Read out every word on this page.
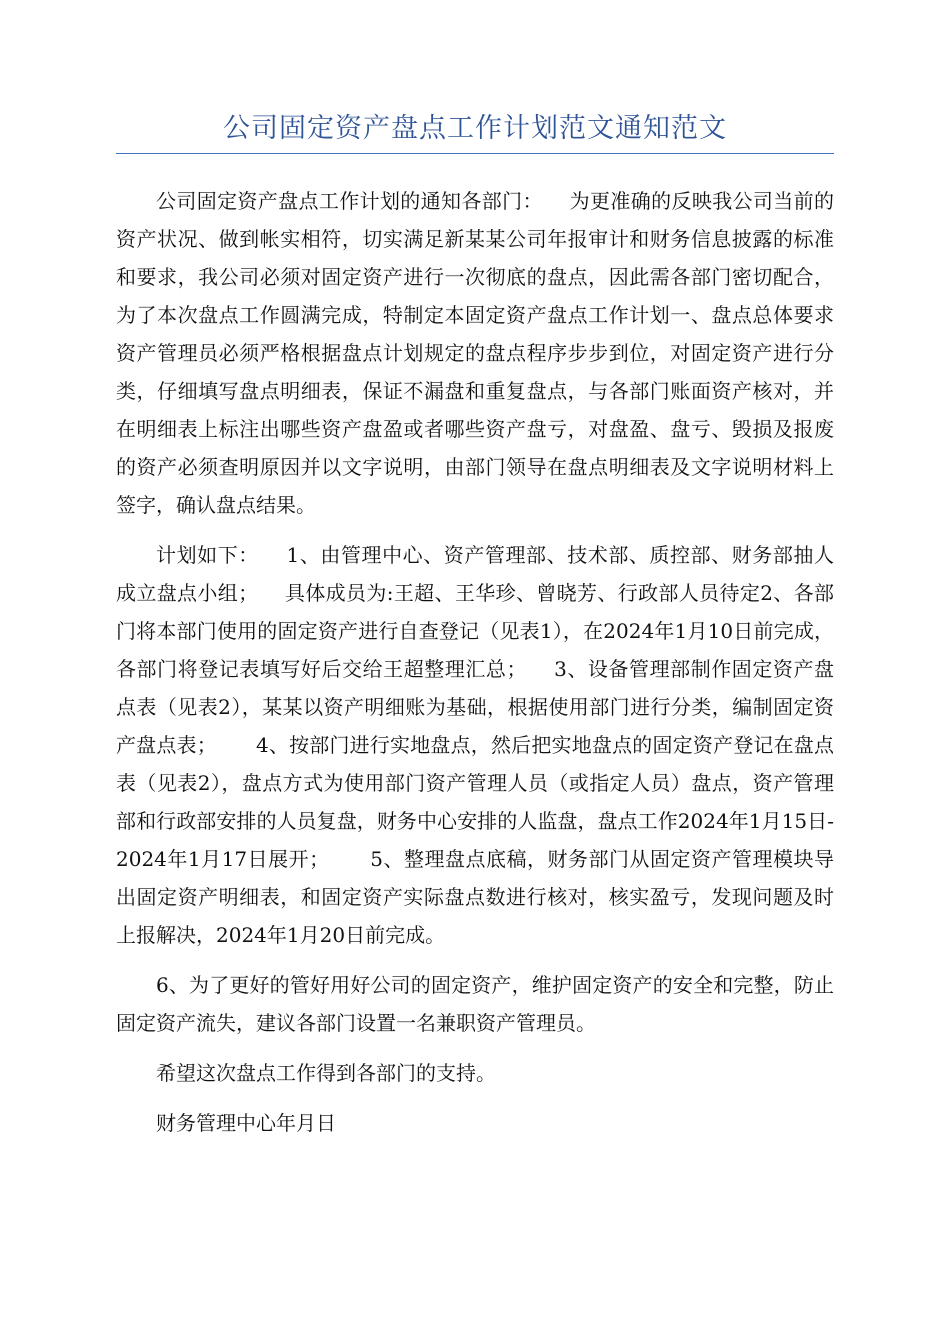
公司固定资产盘点工作计划范文通知范文

公司固定资产盘点工作计划的通知各部门：    为更准确的反映我公司当前的资产状况、做到帐实相符，切实满足新某某公司年报审计和财务信息披露的标准和要求，我公司必须对固定资产进行一次彻底的盘点，因此需各部门密切配合，为了本次盘点工作圆满完成，特制定本固定资产盘点工作计划一、盘点总体要求资产管理员必须严格根据盘点计划规定的盘点程序步步到位，对固定资产进行分类，仔细填写盘点明细表，保证不漏盘和重复盘点，与各部门账面资产核对，并在明细表上标注出哪些资产盘盈或者哪些资产盘亏，对盘盈、盘亏、毁损及报废的资产必须查明原因并以文字说明，由部门领导在盘点明细表及文字说明材料上签字，确认盘点结果。

计划如下：    1、由管理中心、资产管理部、技术部、质控部、财务部抽人成立盘点小组；    具体成员为:王超、王华珍、曾晓芳、行政部人员待定2、各部门将本部门使用的固定资产进行自查登记（见表1），在2024年1月10日前完成，各部门将登记表填写好后交给王超整理汇总；    3、设备管理部制作固定资产盘点表（见表2），某某以资产明细账为基础，根据使用部门进行分类，编制固定资产盘点表；      4、按部门进行实地盘点，然后把实地盘点的固定资产登记在盘点表（见表2），盘点方式为使用部门资产管理人员（或指定人员）盘点，资产管理部和行政部安排的人员复盘，财务中心安排的人监盘，盘点工作2024年1月15日-2024年1月17日展开；      5、整理盘点底稿，财务部门从固定资产管理模块导出固定资产明细表，和固定资产实际盘点数进行核对，核实盈亏，发现问题及时上报解决，2024年1月20日前完成。

6、为了更好的管好用好公司的固定资产，维护固定资产的安全和完整，防止固定资产流失，建议各部门设置一名兼职资产管理员。

希望这次盘点工作得到各部门的支持。

财务管理中心年月日
